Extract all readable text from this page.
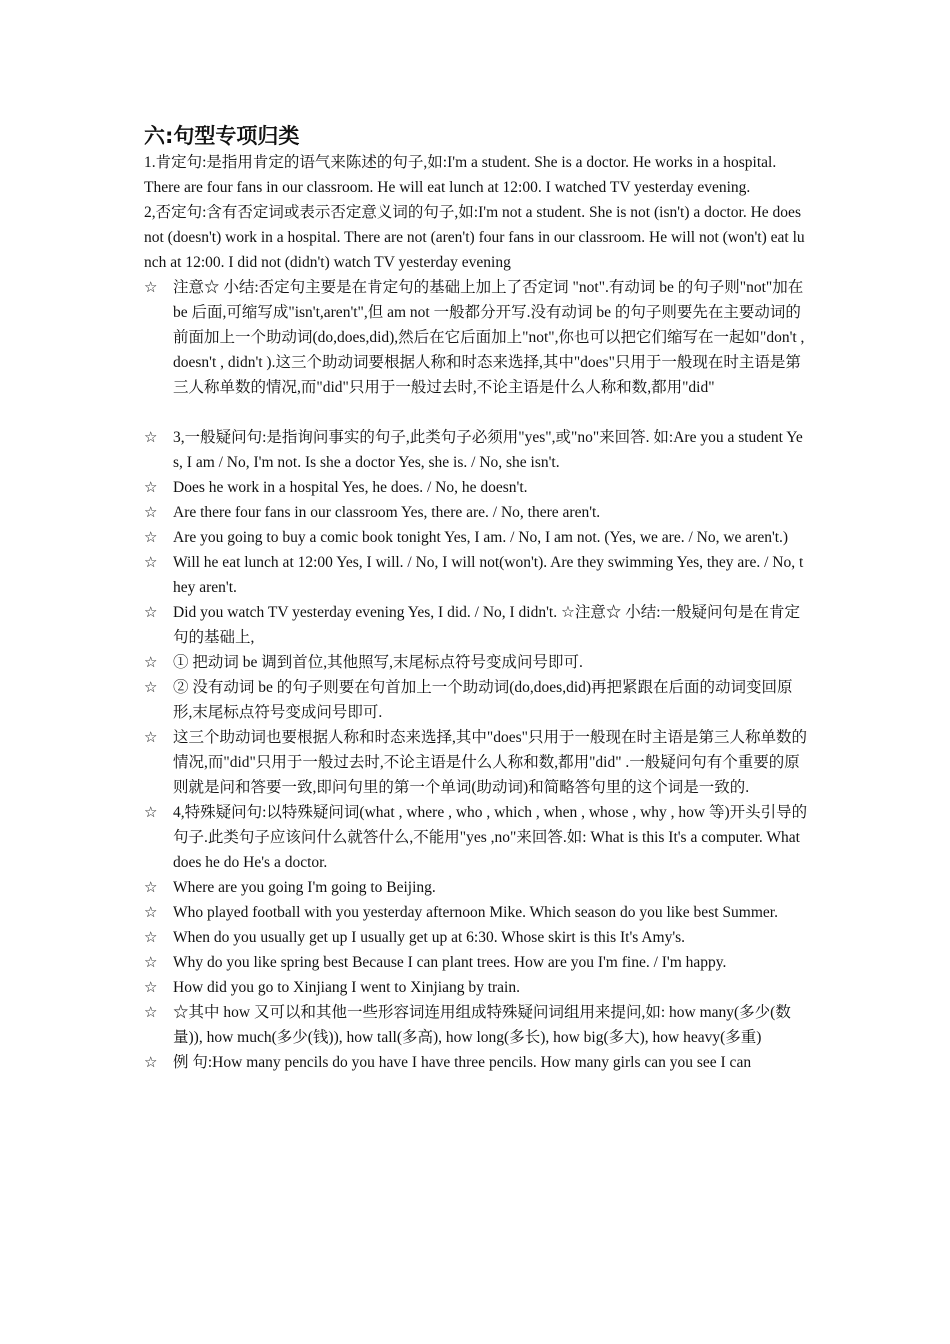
六:句型专项归类

1.肯定句:是指用肯定的语气来陈述的句子,如:I'm a student. She is a doctor. He works in a hospital.

There are four fans in our classroom. He will eat lunch at 12:00. I watched TV yesterday evening.

2,否定句:含有否定词或表示否定意义词的句子,如:I'm not a student. She is not (isn't) a doctor. He does not (doesn't) work in a hospital. There are not (aren't) four fans in our classroom. He will not (won't) eat lunch at 12:00. I did not (didn't) watch TV yesterday evening

☆ 注意☆ 小结:否定句主要是在肯定句的基础上加上了否定词 "not".有动词 be 的句子则"not"加在 be 后面,可缩写成"isn't,aren't",但 am not 一般都分开写.没有动词 be 的句子则要先在主要动词的前面加上一个助动词(do,does,did),然后在它后面加上"not",你也可以把它们缩写在一起如"don't , doesn't , didn't ).这三个助动词要根据人称和时态来选择,其中"does"只用于一般现在时主语是第三人称单数的情况,而"did"只用于一般过去时,不论主语是什么人称和数,都用"did"
☆ 3,一般疑问句:是指询问事实的句子,此类句子必须用"yes",或"no"来回答. 如:Are you a student Yes, I am / No, I'm not. Is she a doctor Yes, she is. / No, she isn't.
☆ Does he work in a hospital Yes, he does. / No, he doesn't.
☆ Are there four fans in our classroom Yes, there are. / No, there aren't.
☆ Are you going to buy a comic book tonight Yes, I am. / No, I am not. (Yes, we are. / No, we aren't.)
☆ Will he eat lunch at 12:00 Yes, I will. / No, I will not(won't). Are they swimming Yes, they are. / No, they aren't.
☆ Did you watch TV yesterday evening Yes, I did. / No, I didn't. ☆注意☆ 小结:一般疑问句是在肯定句的基础上,
☆ ① 把动词 be 调到首位,其他照写,末尾标点符号变成问号即可.
☆ ② 没有动词 be 的句子则要在句首加上一个助动词(do,does,did)再把紧跟在后面的动词变回原形,末尾标点符号变成问号即可.
☆ 这三个助动词也要根据人称和时态来选择,其中"does"只用于一般现在时主语是第三人称单数的情况,而"did"只用于一般过去时,不论主语是什么人称和数,都用"did" .一般疑问句有个重要的原则就是问和答要一致,即问句里的第一个单词(助动词)和简略答句里的这个词是一致的.
☆ 4,特殊疑问句:以特殊疑问词(what , where , who , which , when , whose , why , how 等)开头引导的句子.此类句子应该问什么就答什么,不能用"yes ,no"来回答.如: What is this It's a computer. What does he do He's a doctor.
☆ Where are you going I'm going to Beijing.
☆ Who played football with you yesterday afternoon Mike. Which season do you like best Summer.
☆ When do you usually get up I usually get up at 6:30. Whose skirt is this It's Amy's.
☆ Why do you like spring best Because I can plant trees. How are you I'm fine. / I'm happy.
☆ How did you go to Xinjiang I went to Xinjiang by train.
☆ ☆其中 how 又可以和其他一些形容词连用组成特殊疑问词组用来提问,如: how many(多少(数量)), how much(多少(钱)), how tall(多高), how long(多长), how big(多大), how heavy(多重)
☆ 例 句:How many pencils do you have I have three pencils. How many girls can you see I can
